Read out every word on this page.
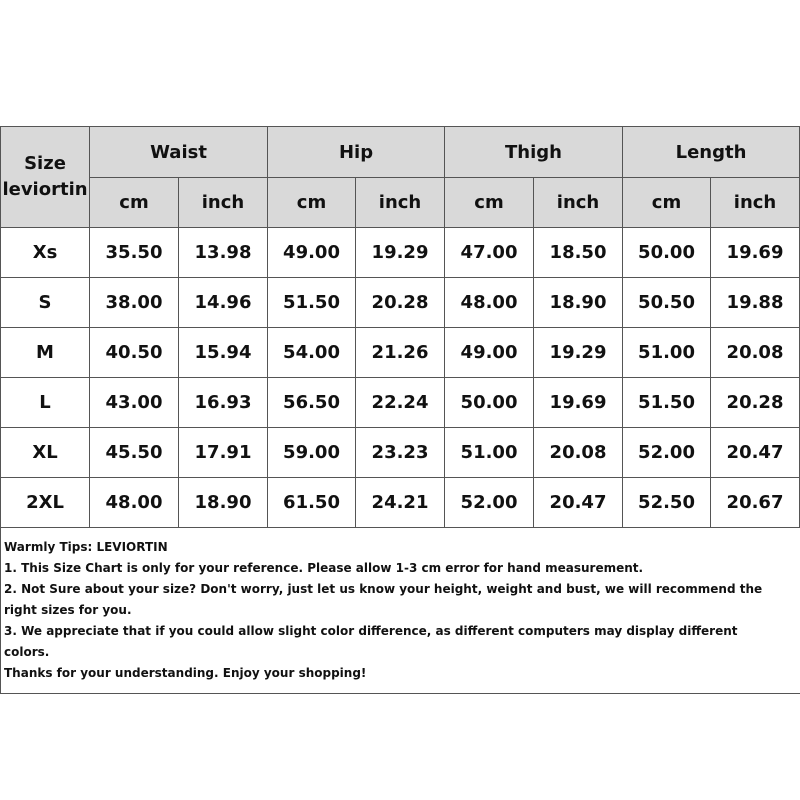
Size
leviortin	Waist		Hip		Thigh		Length	
	cm	inch	cm	inch	cm	inch	cm	inch
Xs	35.50	13.98	49.00	19.29	47.00	18.50	50.00	19.69
S	38.00	14.96	51.50	20.28	48.00	18.90	50.50	19.88
M	40.50	15.94	54.00	21.26	49.00	19.29	51.00	20.08
L	43.00	16.93	56.50	22.24	50.00	19.69	51.50	20.28
XL	45.50	17.91	59.00	23.23	51.00	20.08	52.00	20.47
2XL	48.00	18.90	61.50	24.21	52.00	20.47	52.50	20.67

Warmly Tips: LEVIORTIN

1. This Size Chart is only for your reference. Please allow 1-3 cm error for hand measurement.

2. Not Sure about your size? Don't worry, just let us know your height, weight and bust, we will recommend the right sizes for you.

3. We appreciate that if you could allow slight color difference, as different computers may display different colors.

Thanks for your understanding. Enjoy your shopping!
